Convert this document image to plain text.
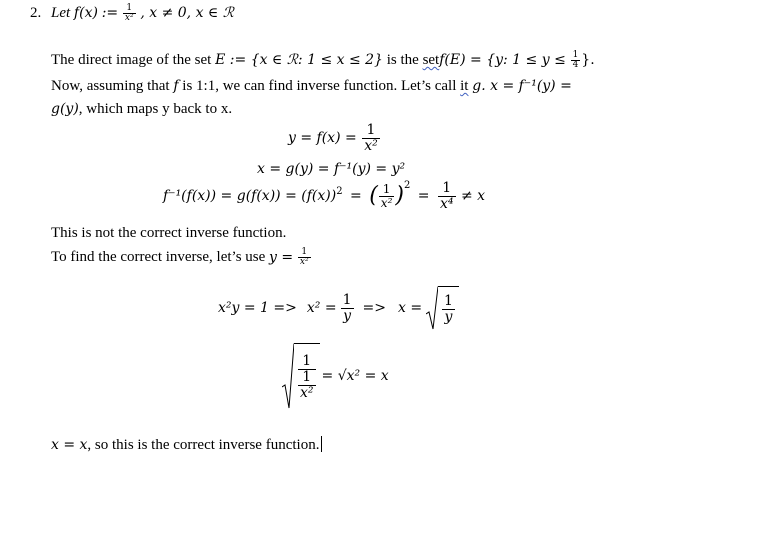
2. Let f(x) := $\frac{1}{\text{x²}}$ , x ≠ 0, x ∈ ℛ
The direct image of the set E := {x ∈ ℛ: 1 ≤ x ≤ 2} is the setf(E) = {y: $1 \le y \le \frac{1}{4}$ }.
Now, assuming that f is 1:1, we can find inverse function. Let’s call it g. x = f⁻¹(y) =
g(y), which maps y back to x.
$y = f(x) = \frac{1}{\text{x²}}$
x = g(y) = f⁻¹(y) = y²
$f^{-1}(f(x)) = g(f(x)) = (f(x))^2$ = ( $\frac{1}{\text{x²}} )^2 = \frac{1}{\text{x⁴}} \ne x$
This is not the correct inverse function.
To find the correct inverse, let’s use $y = \frac{1}{\text{x²}}$
$x^2y = 1 => x^2 = \frac{1}{y} => x = \frac{1}{y}$
$\frac{1}{\frac{1}{\text{x²}}} = √x^2 = x$
x = x, so this is the correct inverse function.
